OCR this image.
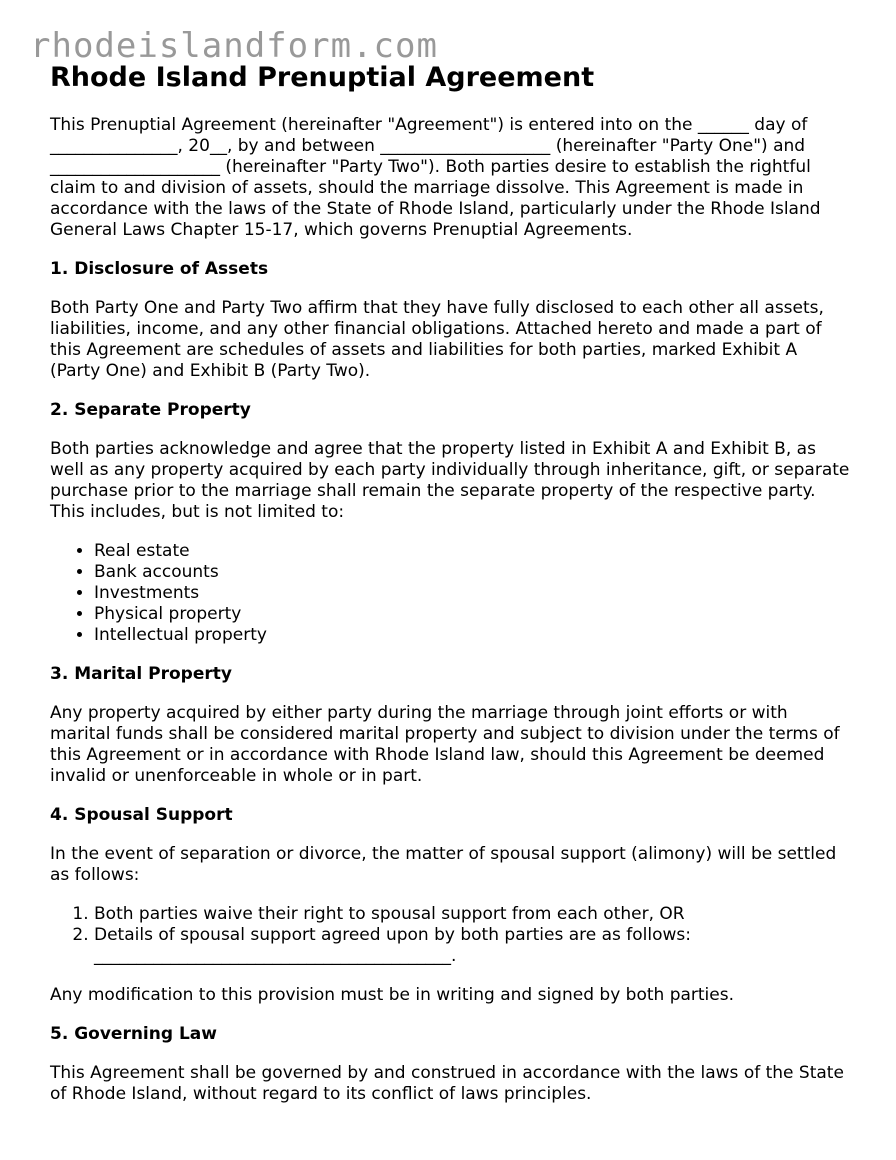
rhodeislandform.com
Rhode Island Prenuptial Agreement

This Prenuptial Agreement (hereinafter "Agreement") is entered into on the ______ day of _______________, 20__, by and between ____________________ (hereinafter "Party One") and ____________________ (hereinafter "Party Two"). Both parties desire to establish the rightful claim to and division of assets, should the marriage dissolve. This Agreement is made in accordance with the laws of the State of Rhode Island, particularly under the Rhode Island General Laws Chapter 15-17, which governs Prenuptial Agreements.

1. Disclosure of Assets

Both Party One and Party Two affirm that they have fully disclosed to each other all assets, liabilities, income, and any other financial obligations. Attached hereto and made a part of this Agreement are schedules of assets and liabilities for both parties, marked Exhibit A (Party One) and Exhibit B (Party Two).

2. Separate Property

Both parties acknowledge and agree that the property listed in Exhibit A and Exhibit B, as well as any property acquired by each party individually through inheritance, gift, or separate purchase prior to the marriage shall remain the separate property of the respective party. This includes, but is not limited to:

• Real estate
• Bank accounts
• Investments
• Physical property
• Intellectual property
3. Marital Property

Any property acquired by either party during the marriage through joint efforts or with marital funds shall be considered marital property and subject to division under the terms of this Agreement or in accordance with Rhode Island law, should this Agreement be deemed invalid or unenforceable in whole or in part.

4. Spousal Support

In the event of separation or divorce, the matter of spousal support (alimony) will be settled as follows:

1. Both parties waive their right to spousal support from each other, OR
2. Details of spousal support agreed upon by both parties are as follows: __________________________________________.

Any modification to this provision must be in writing and signed by both parties.

5. Governing Law

This Agreement shall be governed by and construed in accordance with the laws of the State of Rhode Island, without regard to its conflict of laws principles.
